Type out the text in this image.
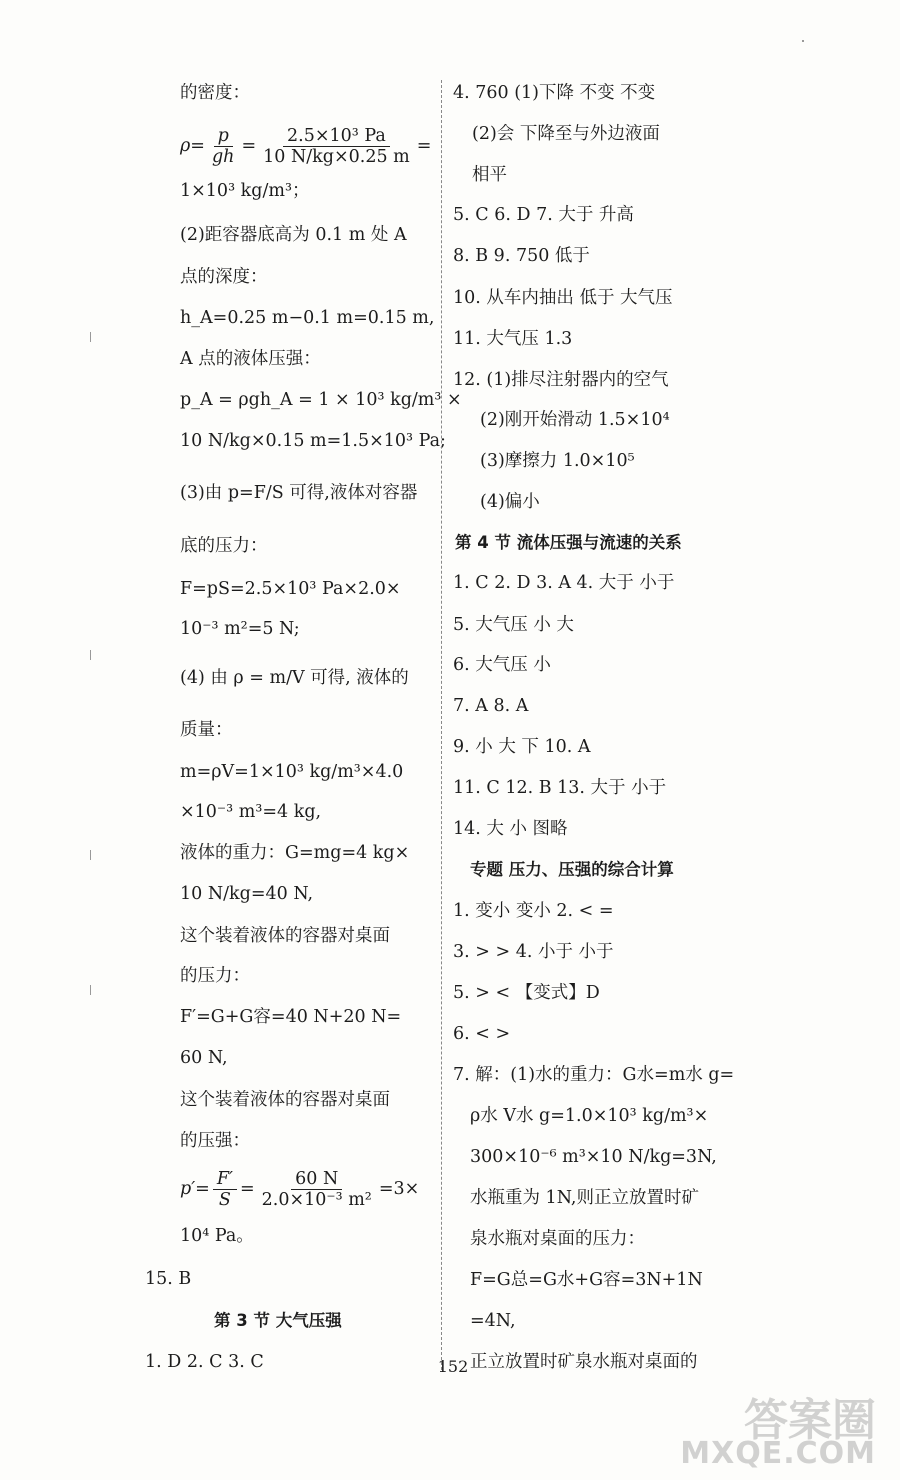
的密度：
$\rho= \frac{p}{gh} = \frac{\text{2.5×10³ Pa}}{10 N/kg\times 0.25 m}$ =
1×10³ kg/m³；
(2)距容器底高为 0.1 m 处 A
点的深度：
h_A=0.25 m−0.1 m=0.15 m,
A 点的液体压强：
p_A = ρgh_A = 1 × 10³ kg/m³ ×
10 N/kg×0.15 m=1.5×10³ Pa;
(3)由 p=F/S 可得,液体对容器
底的压力：
F=pS=2.5×10³ Pa×2.0×
10⁻³ m²=5 N;
(4) 由 ρ = m/V 可得, 液体的
质量：
m=ρV=1×10³ kg/m³×4.0
×10⁻³ m³=4 kg,
液体的重力：G=mg=4 kg×
10 N/kg=40 N,
这个装着液体的容器对桌面
的压力：
F′=G+G容=40 N+20 N=
60 N,
这个装着液体的容器对桌面
的压强：
$p'= \frac{F'}{S} = \frac{60 N}{\text{2.0×10⁻³ m²}} =3\times$
10⁴ Pa。
15. B
第 3 节 大气压强
1. D 2. C 3. C
4. 760 (1)下降 不变 不变
(2)会 下降至与外边液面
相平
5. C 6. D 7. 大于 升高
8. B 9. 750 低于
10. 从车内抽出 低于 大气压
11. 大气压 1.3
12. (1)排尽注射器内的空气
(2)刚开始滑动 1.5×10⁴
(3)摩擦力 1.0×10⁵
(4)偏小
第 4 节 流体压强与流速的关系
1. C 2. D 3. A 4. 大于 小于
5. 大气压 小 大
6. 大气压 小
7. A 8. A
9. 小 大 下 10. A
11. C 12. B 13. 大于 小于
14. 大 小 图略
专题 压力、压强的综合计算
1. 变小 变小 2. < =
3. > > 4. 小于 小于
5. > < 【变式】D
6. < >
7. 解：(1)水的重力：G水=m水 g=
ρ水 V水 g=1.0×10³ kg/m³×
300×10⁻⁶ m³×10 N/kg=3N,
水瓶重为 1N,则正立放置时矿
泉水瓶对桌面的压力：
F=G总=G水+G容=3N+1N
=4N,
正立放置时矿泉水瓶对桌面的
152
答案圈
MXQE.COM
